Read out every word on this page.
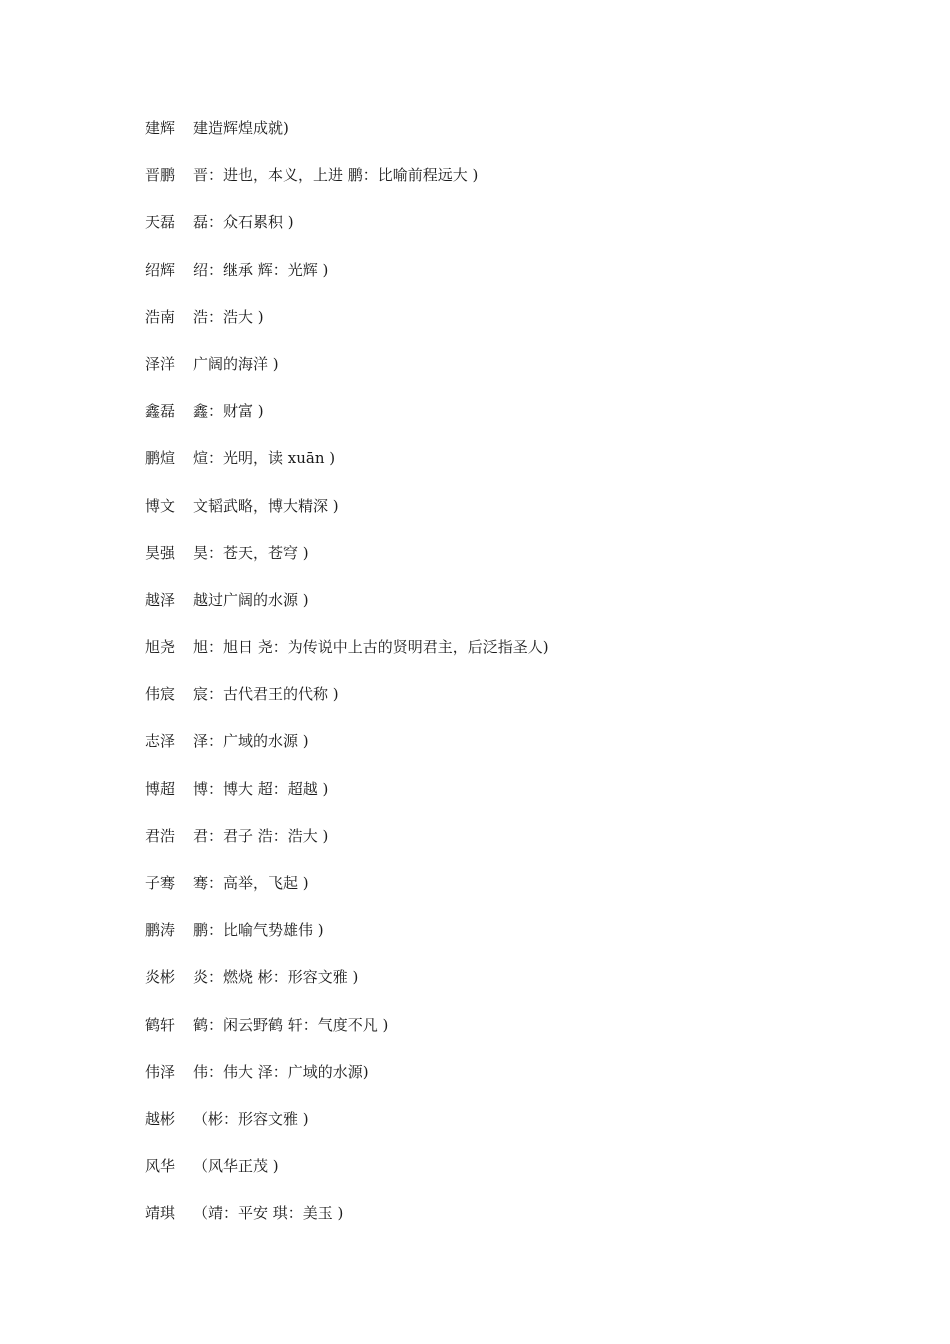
建辉 建造辉煌成就)
晋鹏 晋：进也，本义，上进 鹏：比喻前程远大 )
天磊 磊：众石累积 )
绍辉 绍：继承 辉：光辉 )
浩南 浩：浩大 )
泽洋 广阔的海洋 )
鑫磊 鑫：财富 )
鹏煊 煊：光明，读 xuān )
博文 文韬武略，博大精深 )
昊强 昊：苍天，苍穹 )
越泽 越过广阔的水源 )
旭尧 旭：旭日 尧：为传说中上古的贤明君主，后泛指圣人)
伟宸 宸：古代君王的代称 )
志泽 泽：广域的水源 )
博超 博：博大 超：超越 )
君浩 君：君子 浩：浩大 )
子骞 骞：高举，飞起 )
鹏涛 鹏：比喻气势雄伟 )
炎彬 炎：燃烧 彬：形容文雅 )
鹤轩 鹤：闲云野鹤 轩：气度不凡 )
伟泽 伟：伟大 泽：广域的水源)
越彬 （彬：形容文雅 )
风华 （风华正茂 )
靖琪 （靖：平安 琪：美玉 )
